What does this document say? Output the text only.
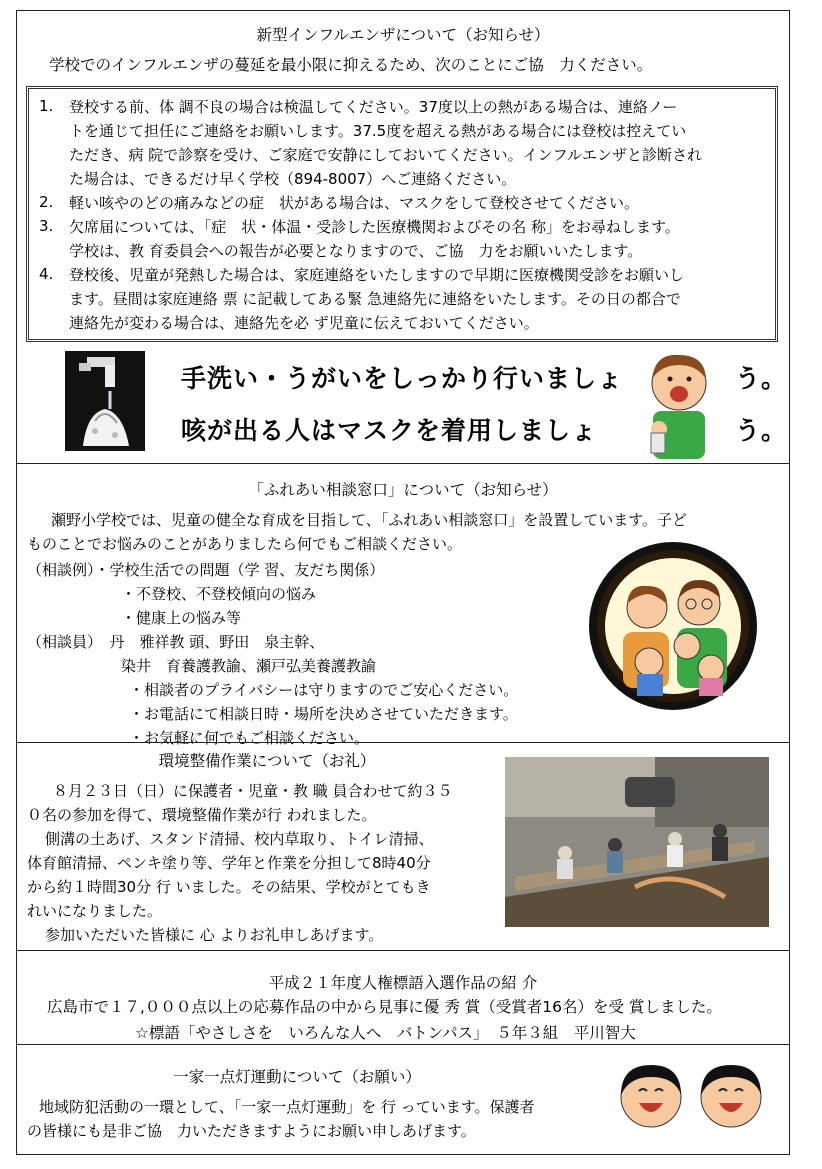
新型インフルエンザについて（お知らせ）
学校でのインフルエンザの蔓延を最小限に抑えるため、次のことにご協　力ください。
1. 登校する前、体 調不良の場合は検温してください。37度以上の熱がある場合は、連絡ノー
トを通じて担任にご連絡をお願いします。37.5度を超える熱がある場合には登校は控えてい
ただき、病 院で診察を受け、ご家庭で安静にしておいてください。インフルエンザと診断され
た場合は、できるだけ早く学校（894-8007）へご連絡ください。
2. 軽い咳やのどの痛みなどの症　状がある場合は、マスクをして登校させてください。
3. 欠席届については、「症　状・体温・受診した医療機関およびその名 称」をお尋ねします。
学校は、教 育委員会への報告が必要となりますので、ご協　力をお願いいたします。
4. 登校後、児童が発熱した場合は、家庭連絡をいたしますので早期に医療機関受診をお願いし
ます。昼間は家庭連絡 票 に記載してある緊 急連絡先に連絡をいたします。その日の都合で
連絡先が変わる場合は、連絡先を必 ず児童に伝えておいてください。
手洗い・うがいをしっかり行いましょ
咳が出る人はマスクを着用しましょ
う。
う。
「ふれあい相談窓口」について（お知らせ）
瀬野小学校では、児童の健全な育成を目指して、「ふれあい相談窓口」を設置しています。子ど
ものことでお悩みのことがありましたら何でもご相談ください。
（相談例）・学校生活での問題（学 習、友だち関係）
・不登校、不登校傾向の悩み
・健康上の悩み等
（相談員）　丹　雅祥教 頭、野田　泉主幹、
染井　育養護教諭、瀬戸弘美養護教諭
・相談者のプライバシーは守りますのでご安心ください。
・お電話にて相談日時・場所を決めさせていただきます。
・お気軽に何でもご相談ください。
環境整備作業について（お礼）
８月２３日（日）に保護者・児童・教 職 員合わせて約３５
０名の参加を得て、環境整備作業が行 われました。
側溝の土あげ、スタンド清掃、校内草取り、トイレ清掃、
体育館清掃、ペンキ塗り等、学年と作業を分担して8時40分
から約１時間30分 行 いました。その結果、学校がとてもき
れいになりました。
参加いただいた皆様に 心 よりお礼申しあげます。
平成２１年度人権標語入選作品の紹 介
広島市で１７,０００点以上の応募作品の中から見事に優 秀 賞（受賞者16名）を受 賞しました。
☆標語「やさしさを　いろんな人へ　バトンパス」　５年３組　平川智大
一家一点灯運動について（お願い）
地域防犯活動の一環として、「一家一点灯運動」を 行 っています。保護者
の皆様にも是非ご協　力いただきますようにお願い申しあげます。
